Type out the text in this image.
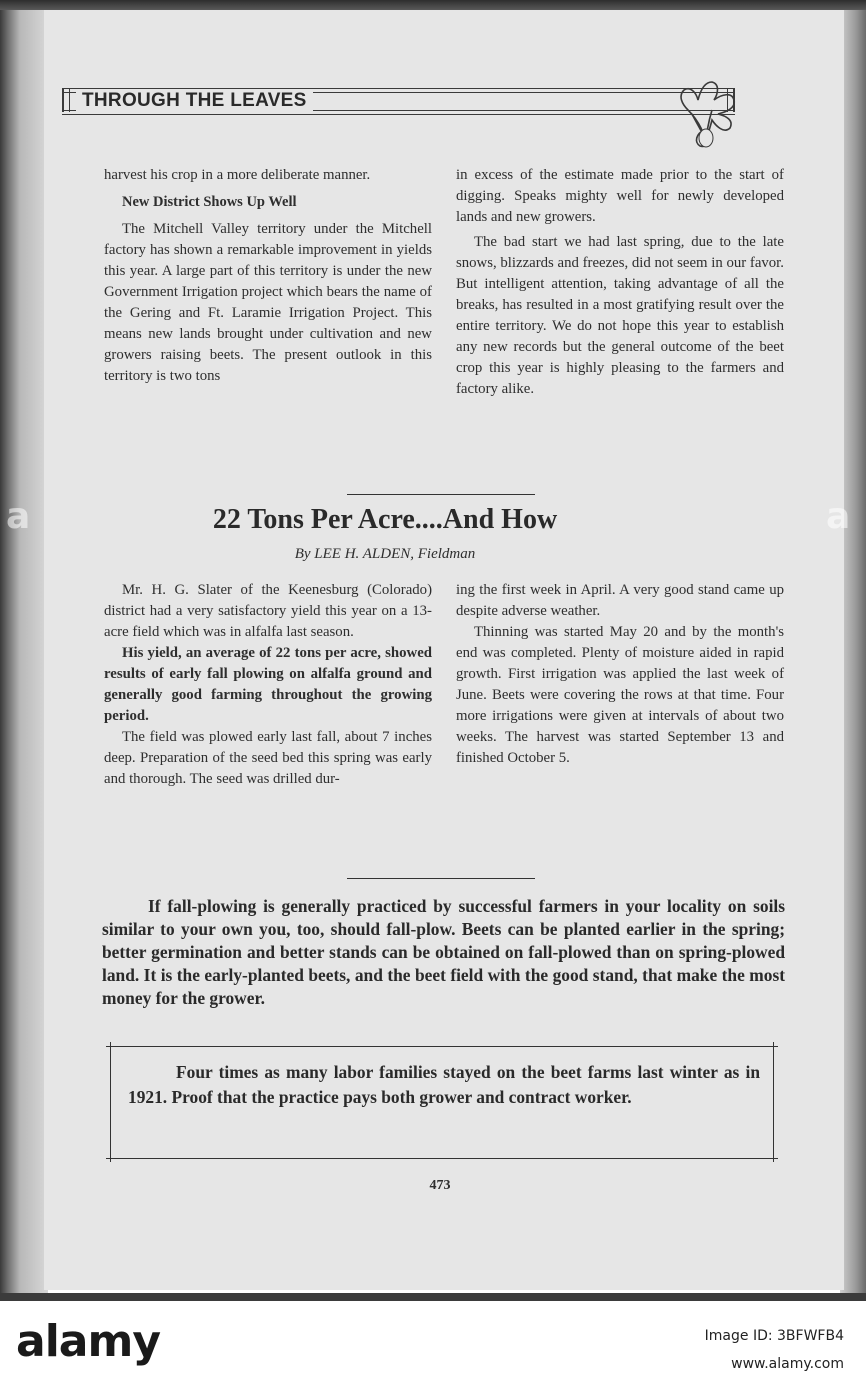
THROUGH THE LEAVES

harvest his crop in a more deliberate manner.

New District Shows Up Well

The Mitchell Valley territory under the Mitchell factory has shown a remarkable improvement in yields this year. A large part of this territory is under the new Government Irrigation project which bears the name of the Gering and Ft. Laramie Irrigation Project. This means new lands brought under cultivation and new growers raising beets. The present outlook in this territory is two tons

in excess of the estimate made prior to the start of digging. Speaks mighty well for newly developed lands and new growers.

The bad start we had last spring, due to the late snows, blizzards and freezes, did not seem in our favor. But intelligent attention, taking advantage of all the breaks, has resulted in a most gratifying result over the entire territory. We do not hope this year to establish any new records but the general outcome of the beet crop this year is highly pleasing to the farmers and factory alike.

22 Tons Per Acre....And How
By LEE H. ALDEN, Fieldman

Mr. H. G. Slater of the Keenesburg (Colorado) district had a very satisfactory yield this year on a 13-acre field which was in alfalfa last season.

His yield, an average of 22 tons per acre, showed results of early fall plowing on alfalfa ground and generally good farming throughout the growing period.

The field was plowed early last fall, about 7 inches deep. Preparation of the seed bed this spring was early and thorough. The seed was drilled dur-

ing the first week in April. A very good stand came up despite adverse weather.

Thinning was started May 20 and by the month's end was completed. Plenty of moisture aided in rapid growth. First irrigation was applied the last week of June. Beets were covering the rows at that time. Four more irrigations were given at intervals of about two weeks. The harvest was started September 13 and finished October 5.

If fall-plowing is generally practiced by successful farmers in your locality on soils similar to your own you, too, should fall-plow. Beets can be planted earlier in the spring; better germination and better stands can be obtained on fall-plowed than on spring-plowed land. It is the early-planted beets, and the beet field with the good stand, that make the most money for the grower.
Four times as many labor families stayed on the beet farms last winter as in 1921. Proof that the practice pays both grower and contract worker.
473
a	a
alamy	Image ID: 3BFWFB4
www.alamy.com
